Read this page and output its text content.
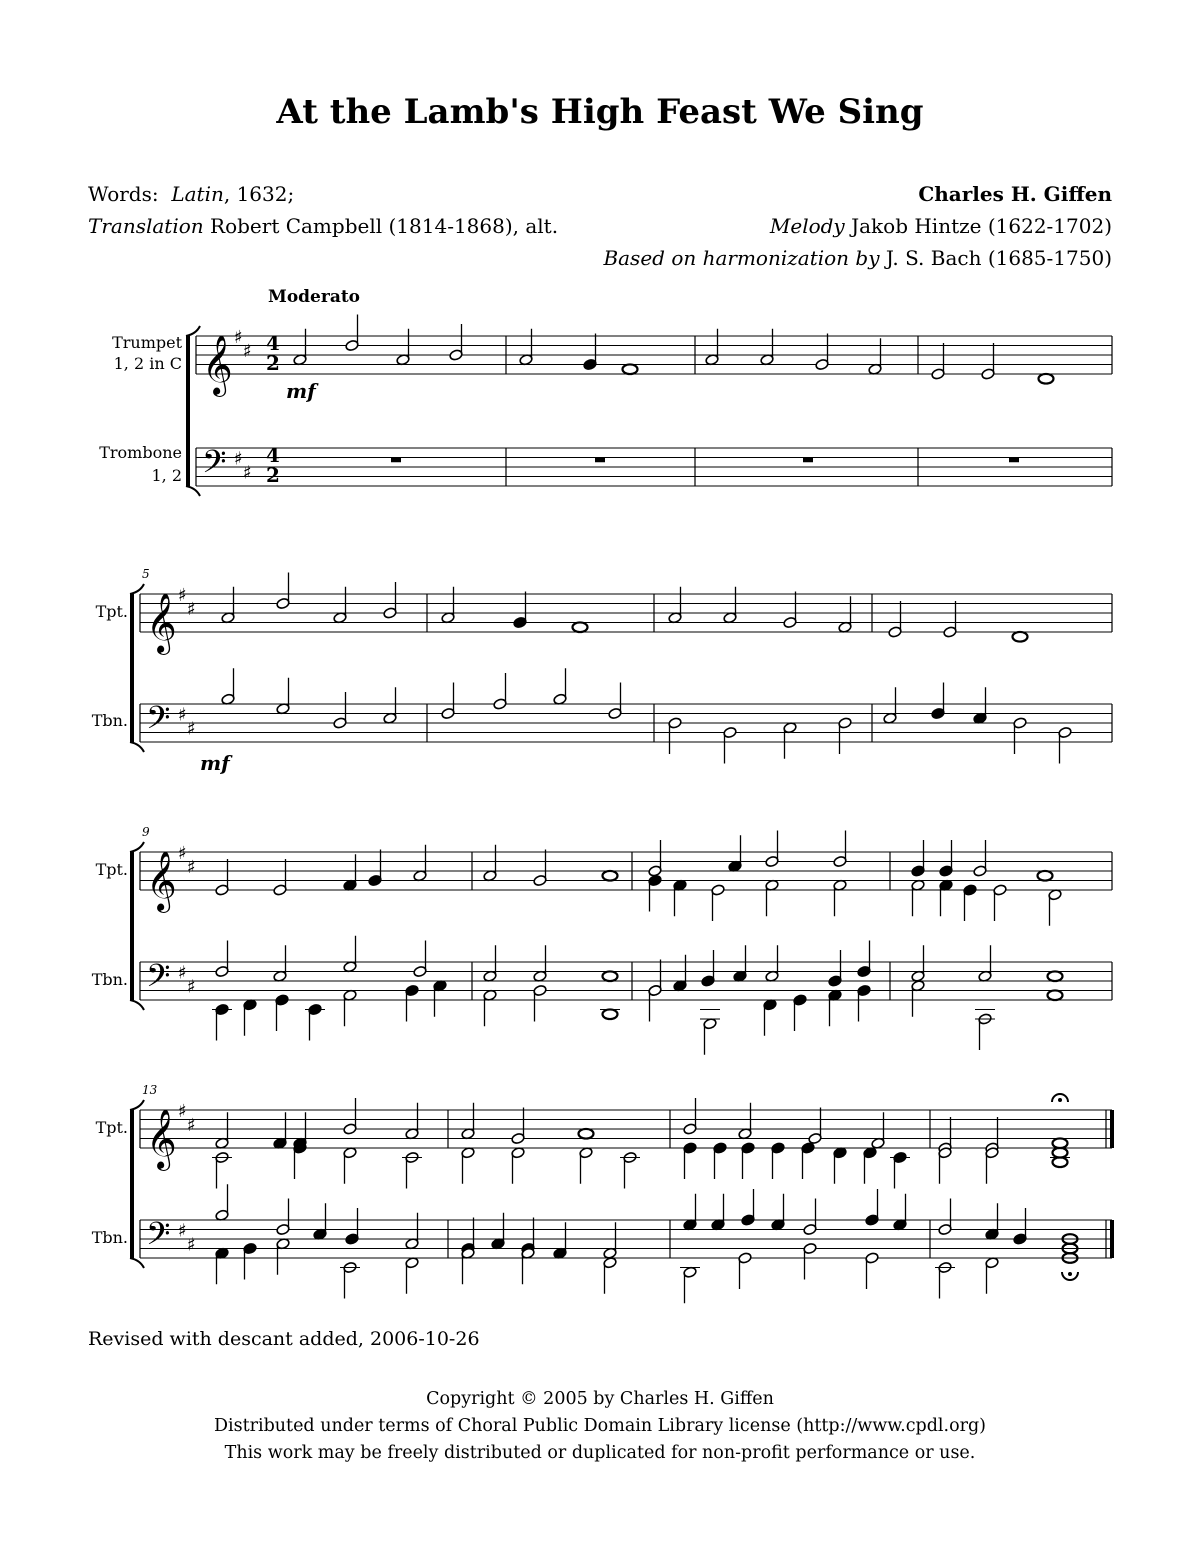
At the Lamb's High Feast We Sing
Words: Latin, 1632;
Translation Robert Campbell (1814-1868), alt.
Charles H. Giffen
Melody Jakob Hintze (1622-1702)
Based on harmonization by J. S. Bach (1685-1750)
Moderato
Trumpet
1, 2 in C
Trombone
1, 2
Tpt.
Tbn.
Tpt.
Tbn.
Tpt.
Tbn.
5
9
13
4
2
4
2
mf
mf
𝄞
𝄢
♯
♯
♯
♯
𝄞
𝄢
♯
♯
♯
♯
𝄞
𝄢
♯
♯
♯
♯
𝄞
𝄢
♯
♯
♯
♯
Revised with descant added, 2006-10-26
Copyright © 2005 by Charles H. Giffen
Distributed under terms of Choral Public Domain Library license (http://www.cpdl.org)
This work may be freely distributed or duplicated for non-profit performance or use.
